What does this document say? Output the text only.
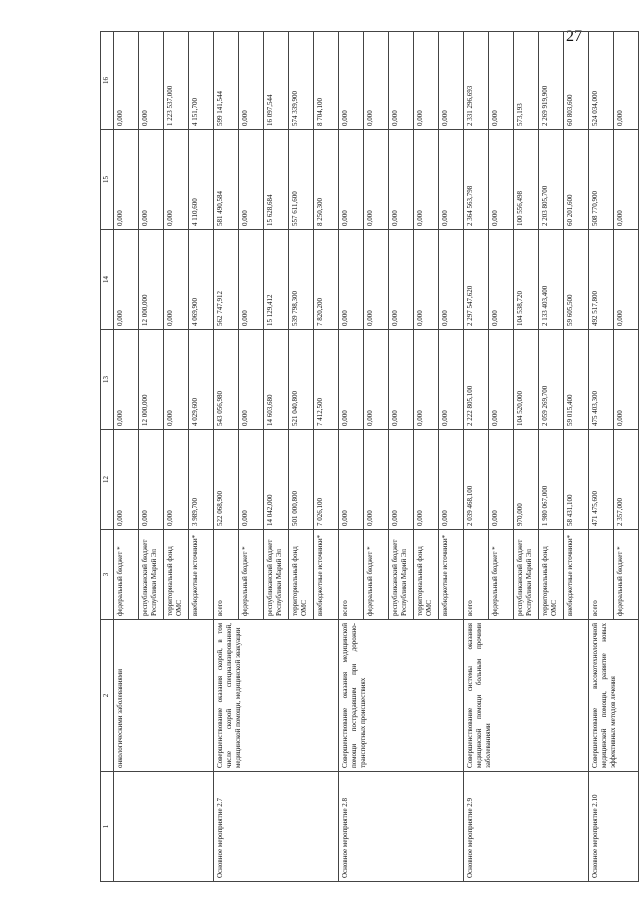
27
1	2	3	12	13	14	15	16
	онкологическими заболеваниями	федеральный бюджет *	0,000	0,000	0,000	0,000	0,000
		республиканский бюджет Республики Марий Эл	0,000	12 000,000	12 000,000	0,000	0,000
		территориальный фонд ОМС	0,000	0,000	0,000	0,000	1 223 537,000
		внебюджетные источники*	3 989,700	4 029,600	4 069,900	4 110,600	4 151,700
Основное мероприятие 2.7	Совершенствование оказания скорой, в том числе скорой специализированной, медицинской помощи, медицинской эвакуации	всего	522 068,900	543 056,980	562 747,912	581 490,584	599 141,544
		федеральный бюджет *	0,000	0,000	0,000	0,000	0,000
		республиканский бюджет Республики Марий Эл	14 042,000	14 603,680	15 129,412	15 628,684	16 097,544
		территориальный фонд ОМС	501 000,800	521 040,800	539 798,300	557 611,600	574 339,900
		внебюджетные источники*	7 026,100	7 412,500	7 820,200	8 250,300	8 704,100
Основное мероприятие 2.8	Совершенствование оказания медицинской помощи пострадавшим при дорожно-транспортных происшествиях	всего	0,000	0,000	0,000	0,000	0,000
		федеральный бюджет *	0,000	0,000	0,000	0,000	0,000
		республиканский бюджет Республики Марий Эл	0,000	0,000	0,000	0,000	0,000
		территориальный фонд ОМС	0,000	0,000	0,000	0,000	0,000
		внебюджетные источники*	0,000	0,000	0,000	0,000	0,000
Основное мероприятие 2.9	Совершенствование системы оказания медицинской помощи больным прочими заболеваниями	всего	2 039 468,100	2 222 805,100	2 297 547,620	2 364 563,798	2 331 296,693
		федеральный бюджет *	0,000	0,000	0,000	0,000	0,000
		республиканский бюджет Республики Марий Эл	970,000	104 520,000	104 538,720	100 556,498	573,193
		территориальный фонд ОМС	1 980 067,000	2 059 269,700	2 133 403,400	2 203 805,700	2 269 919,900
		внебюджетные источники*	58 431,100	59 015,400	59 605,500	60 201,600	60 803,600
Основное мероприятие 2.10	Совершенствование высокотехнологичной медицинской помощи, развитие новых эффективных методов лечения	всего	471 475,600	475 403,300	492 517,800	508 770,900	524 034,000
		федеральный бюджет *	2 357,000	0,000	0,000	0,000	0,000
